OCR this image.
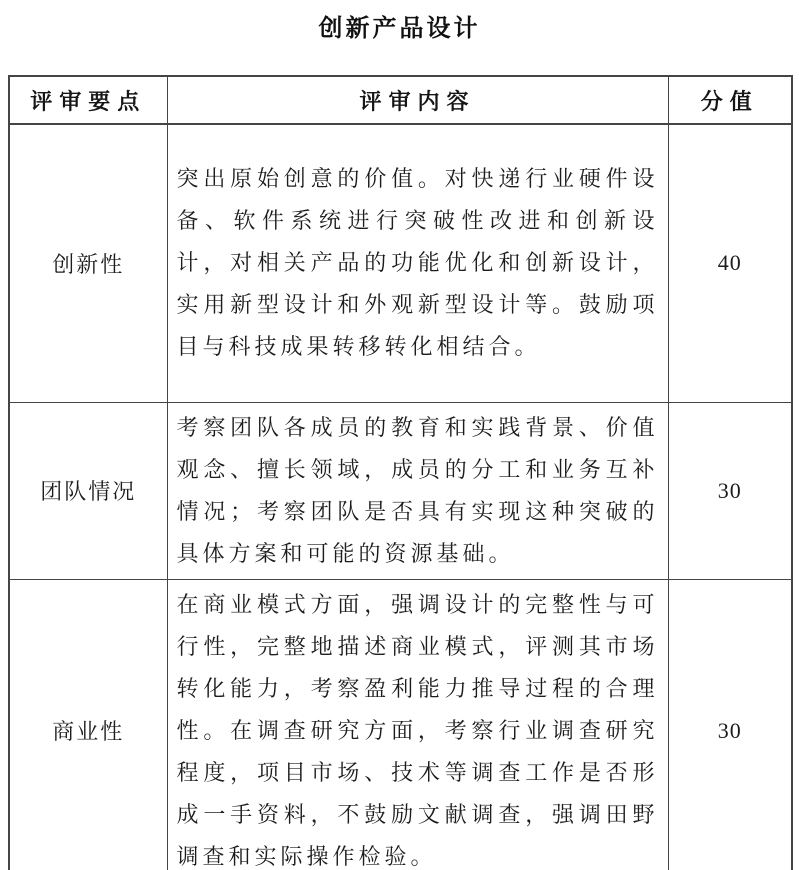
创新产品设计
评审要点	评审内容	分值
创新性	突出原始创意的价值。对快递行业硬件设备、软件系统进行突破性改进和创新设计，对相关产品的功能优化和创新设计，实用新型设计和外观新型设计等。鼓励项目与科技成果转移转化相结合。	40
团队情况	考察团队各成员的教育和实践背景、价值观念、擅长领域，成员的分工和业务互补情况；考察团队是否具有实现这种突破的具体方案和可能的资源基础。	30
商业性	在商业模式方面，强调设计的完整性与可行性，完整地描述商业模式，评测其市场转化能力，考察盈利能力推导过程的合理性。在调查研究方面，考察行业调查研究程度，项目市场、技术等调查工作是否形成一手资料，不鼓励文献调查，强调田野调查和实际操作检验。	30
